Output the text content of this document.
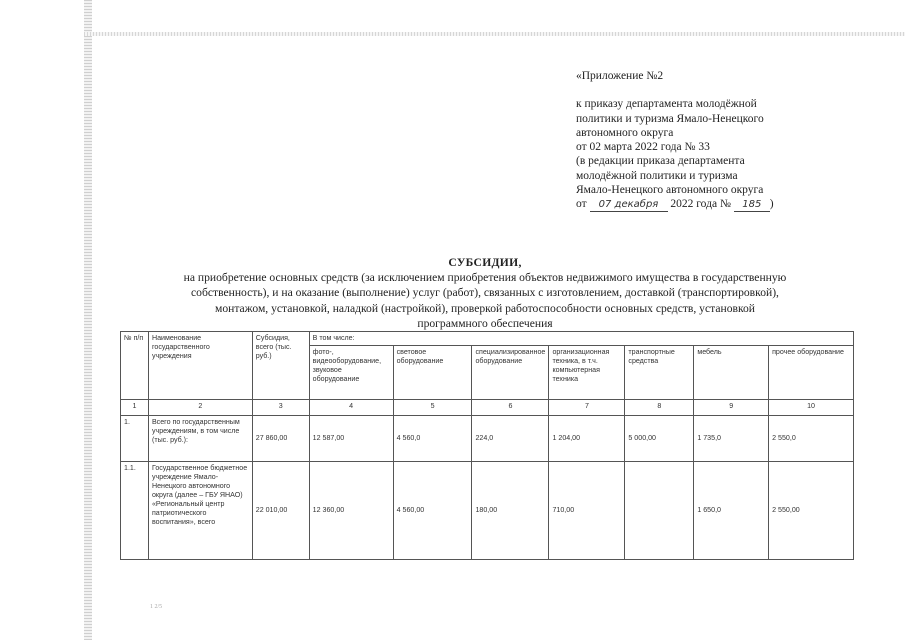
«Приложение №2
к приказу департамента молодёжной
политики и туризма Ямало-Ненецкого
автономного округа
от 02 марта 2022 года № 33
(в редакции приказа департамента
молодёжной политики и туризма
Ямало-Ненецкого автономного округа
от 07 декабря 2022 года № 185 )
СУБСИДИИ,
на приобретение основных средств (за исключением приобретения объектов недвижимого имущества в государственную
собственность), и на оказание (выполнение) услуг (работ), связанных с изготовлением, доставкой (транспортировкой),
монтажом, установкой, наладкой (настройкой), проверкой работоспособности основных средств, установкой
программного обеспечения
№ п/п	Наименование государственного учреждения	Субсидия, всего (тыс. руб.)	В том числе:						
			фото-, видеооборудование, звуковое оборудование	световое оборудование	специализированное оборудование	организационная техника, в т.ч. компьютерная техника	транспортные средства	мебель	прочее оборудование
1	2	3	4	5	6	7	8	9	10
1.	Всего по государственным учреждениям, в том числе (тыс. руб.):	27 860,00	12 587,00	4 560,0	224,0	1 204,00	5 000,00	1 735,0	2 550,0
1.1.	Государственное бюджетное учреждение Ямало-Ненецкого автономного округа (далее – ГБУ ЯНАО) «Региональный центр патриотического воспитания», всего	22 010,00	12 360,00	4 560,00	180,00	710,00		1 650,0	2 550,00
1 2/5
